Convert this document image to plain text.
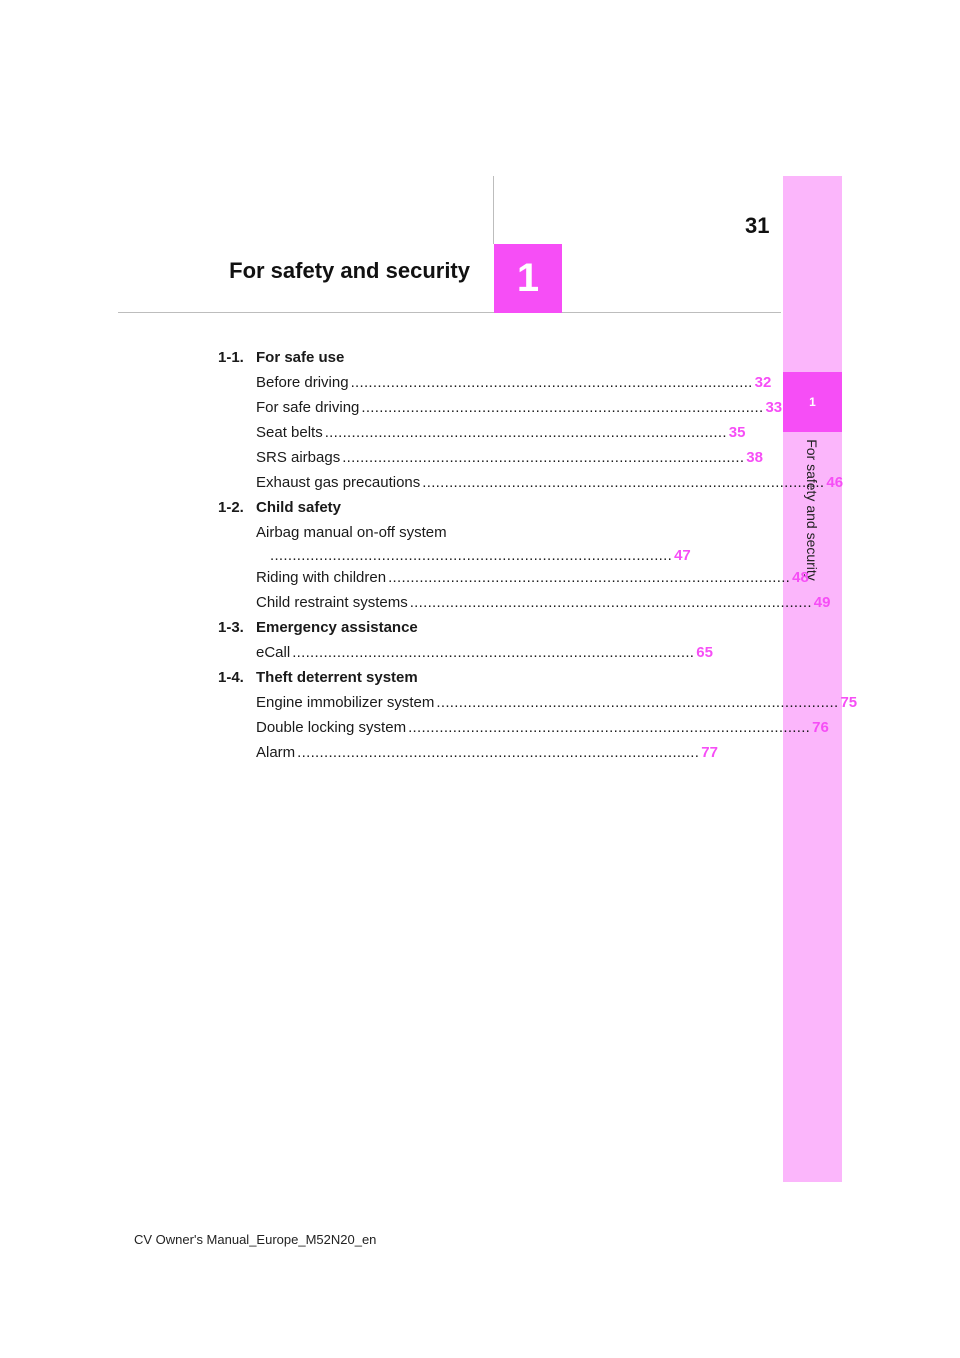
1
For safety and security
31
1
For safety and security
1-1. For safe use
Before driving .......................................................................................... 32
For safe driving .......................................................................................... 33
Seat belts .......................................................................................... 35
SRS airbags .......................................................................................... 38
Exhaust gas precautions .......................................................................................... 46
1-2. Child safety
Airbag manual on-off system
.......................................................................................... 47
Riding with children .......................................................................................... 48
Child restraint systems .......................................................................................... 49
1-3. Emergency assistance
eCall .......................................................................................... 65
1-4. Theft deterrent system
Engine immobilizer system .......................................................................................... 75
Double locking system .......................................................................................... 76
Alarm .......................................................................................... 77
CV Owner's Manual_Europe_M52N20_en
